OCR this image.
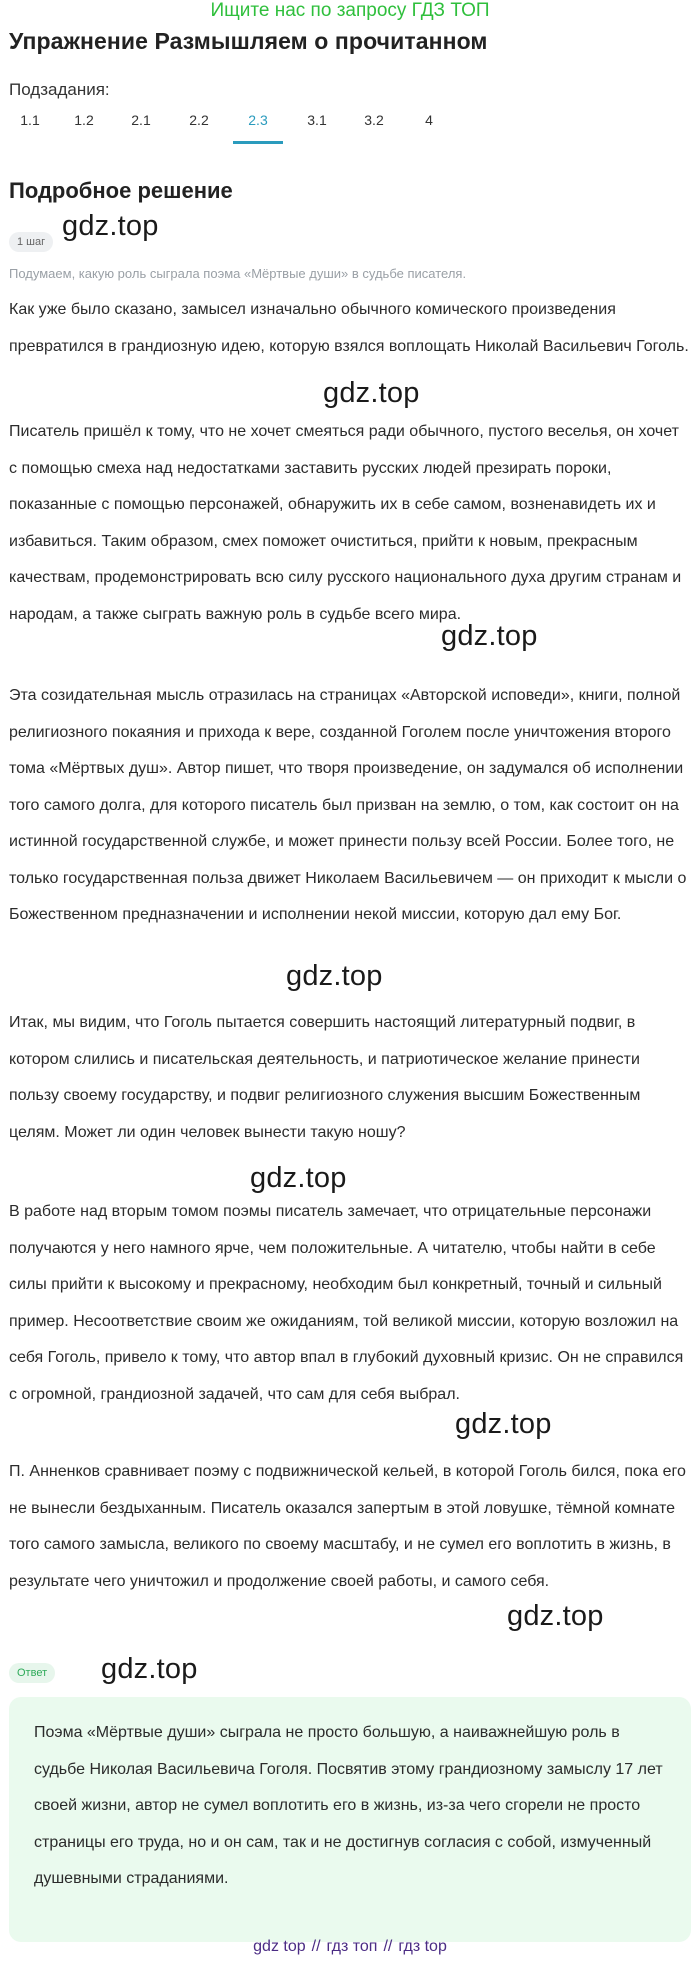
Ищите нас по запросу ГДЗ ТОП
Упражнение Размышляем о прочитанном
Подзадания:
1.1 1.2	2.1	2.2	2.3	3.1	3.2	4
Подробное решение
1 шаг gdz.top
Подумаем, какую роль сыграла поэма «Мёртвые души» в судьбе писателя.
Как уже было сказано, замысел изначально обычного комического произведения превратился в грандиозную идею, которую взялся воплощать Николай Васильевич Гоголь.
gdz.top
Писатель пришёл к тому, что не хочет смеяться ради обычного, пустого веселья, он хочет с помощью смеха над недостатками заставить русских людей презирать пороки, показанные с помощью персонажей, обнаружить их в себе самом, возненавидеть их и избавиться. Таким образом, смех поможет очиститься, прийти к новым, прекрасным качествам, продемонстрировать всю силу русского национального духа другим странам и народам, а также сыграть важную роль в судьбе всего мира.
gdz.top
Эта созидательная мысль отразилась на страницах «Авторской исповеди», книги, полной религиозного покаяния и прихода к вере, созданной Гоголем после уничтожения второго тома «Мёртвых душ». Автор пишет, что творя произведение, он задумался об исполнении того самого долга, для которого писатель был призван на землю, о том, как состоит он на истинной государственной службе, и может принести пользу всей России. Более того, не только государственная польза движет Николаем Васильевичем — он приходит к мысли о Божественном предназначении и исполнении некой миссии, которую дал ему Бог.
gdz.top
Итак, мы видим, что Гоголь пытается совершить настоящий литературный подвиг, в котором слились и писательская деятельность, и патриотическое желание принести пользу своему государству, и подвиг религиозного служения высшим Божественным целям. Может ли один человек вынести такую ношу?
gdz.top
В работе над вторым томом поэмы писатель замечает, что отрицательные персонажи получаются у него намного ярче, чем положительные. А читателю, чтобы найти в себе силы прийти к высокому и прекрасному, необходим был конкретный, точный и сильный пример. Несоответствие своим же ожиданиям, той великой миссии, которую возложил на себя Гоголь, привело к тому, что автор впал в глубокий духовный кризис. Он не справился с огромной, грандиозной задачей, что сам для себя выбрал.
gdz.top
П. Анненков сравнивает поэму с подвижнической кельей, в которой Гоголь бился, пока его не вынесли бездыханным. Писатель оказался запертым в этой ловушке, тёмной комнате того самого замысла, великого по своему масштабу, и не сумел его воплотить в жизнь, в результате чего уничтожил и продолжение своей работы, и самого себя.
gdz.top
Ответ gdz.top
Поэма «Мёртвые души» сыграла не просто большую, а наиважнейшую роль в судьбе Николая Васильевича Гоголя. Посвятив этому грандиозному замыслу 17 лет своей жизни, автор не сумел воплотить его в жизнь, из-за чего сгорели не просто страницы его труда, но и он сам, так и не достигнув согласия с собой, измученный душевными страданиями.
gdz top // гдз топ // гдз top
